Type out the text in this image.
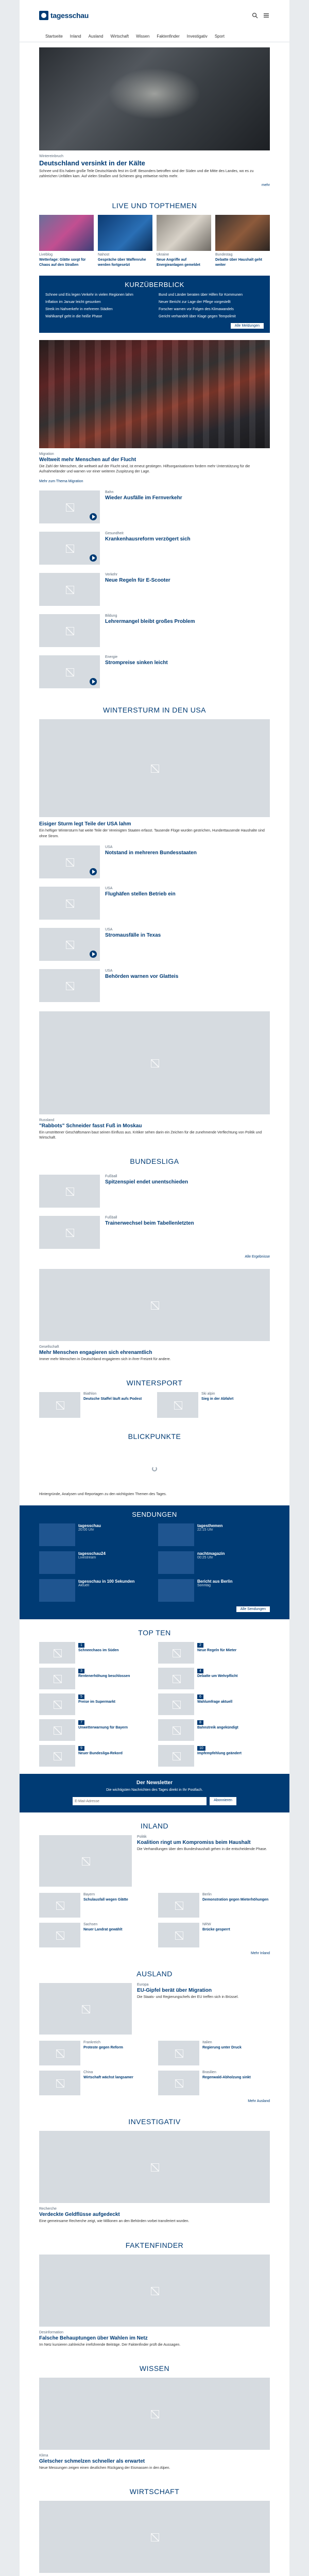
tagesschau
Startseite Inland Ausland Wirtschaft Wissen Faktenfinder Investigativ Sport
Wintereinbruch
Deutschland versinkt in der Kälte
Schnee und Eis haben große Teile Deutschlands fest im Griff. Besonders betroffen sind der Süden und die Mitte des Landes, wo es zu zahlreichen Unfällen kam. Auf vielen Straßen und Schienen ging zeitweise nichts mehr.
mehr
LIVE UND TOPTHEMEN
Liveblog
Wetterlage: Glätte sorgt für Chaos auf den Straßen
Nahost
Gespräche über Waffenruhe werden fortgesetzt
Ukraine
Neue Angriffe auf Energieanlagen gemeldet
Bundestag
Debatte über Haushalt geht weiter
KURZÜBERBLICK
Schnee und Eis legen Verkehr in vielen Regionen lahm	Bund und Länder beraten über Hilfen für Kommunen
Inflation im Januar leicht gesunken	Neuer Bericht zur Lage der Pflege vorgestellt
Streik im Nahverkehr in mehreren Städten	Forscher warnen vor Folgen des Klimawandels
Wahlkampf geht in die heiße Phase	Gericht verhandelt über Klage gegen Tempolimit
Alle Meldungen
Migration
Weltweit mehr Menschen auf der Flucht
Die Zahl der Menschen, die weltweit auf der Flucht sind, ist erneut gestiegen. Hilfsorganisationen fordern mehr Unterstützung für die Aufnahmeländer und warnen vor einer weiteren Zuspitzung der Lage.
Mehr zum Thema Migration
Bahn
Wieder Ausfälle im Fernverkehr
Gesundheit
Krankenhausreform verzögert sich
Verkehr
Neue Regeln für E-Scooter
Bildung
Lehrermangel bleibt großes Problem
Energie
Strompreise sinken leicht
WINTERSTURM IN DEN USA
Eisiger Sturm legt Teile der USA lahm
Ein heftiger Wintersturm hat weite Teile der Vereinigten Staaten erfasst. Tausende Flüge wurden gestrichen, Hunderttausende Haushalte sind ohne Strom.
USA
Notstand in mehreren Bundesstaaten
USA
Flughäfen stellen Betrieb ein
USA
Stromausfälle in Texas
USA
Behörden warnen vor Glatteis
Russland
"Rabbots" Schneider fasst Fuß in Moskau
Ein umstrittener Geschäftsmann baut seinen Einfluss aus. Kritiker sehen darin ein Zeichen für die zunehmende Verflechtung von Politik und Wirtschaft.
BUNDESLIGA
Fußball
Spitzenspiel endet unentschieden
Fußball
Trainerwechsel beim Tabellenletzten
Alle Ergebnisse
Gesellschaft
Mehr Menschen engagieren sich ehrenamtlich
Immer mehr Menschen in Deutschland engagieren sich in ihrer Freizeit für andere.
WINTERSPORT
Biathlon
Deutsche Staffel läuft aufs Podest
Ski alpin
Sieg in der Abfahrt
BLICKPUNKTE
Hintergründe, Analysen und Reportagen zu den wichtigsten Themen des Tages.
SENDUNGEN
tagesschau
20:00 Uhr
tagesthemen
22:15 Uhr
tagesschau24
Livestream
nachtmagazin
00:25 Uhr
tagesschau in 100 Sekunden
Aktuell
Bericht aus Berlin
Sonntag
Alle Sendungen
TOP TEN
1
Schneechaos im Süden
2
Neue Regeln für Mieter
3
Rentenerhöhung beschlossen
4
Debatte um Wehrpflicht
5
Preise im Supermarkt
6
Wahlumfrage aktuell
7
Unwetterwarnung für Bayern
8
Bahnstreik angekündigt
9
Neuer Bundesliga-Rekord
10
Impfempfehlung geändert
Der Newsletter
Die wichtigsten Nachrichten des Tages direkt in Ihr Postfach.
E-Mail-Adresse
Abonnieren
INLAND
Politik
Koalition ringt um Kompromiss beim Haushalt
Die Verhandlungen über den Bundeshaushalt gehen in die entscheidende Phase.
Bayern
Schulausfall wegen Glätte
Berlin
Demonstration gegen Mieterhöhungen
Sachsen
Neuer Landrat gewählt
NRW
Brücke gesperrt
Mehr Inland
AUSLAND
Europa
EU-Gipfel berät über Migration
Die Staats- und Regierungschefs der EU treffen sich in Brüssel.
Frankreich
Proteste gegen Reform
Italien
Regierung unter Druck
China
Wirtschaft wächst langsamer
Brasilien
Regenwald-Abholzung sinkt
Mehr Ausland
INVESTIGATIV
Recherche
Verdeckte Geldflüsse aufgedeckt
Eine gemeinsame Recherche zeigt, wie Millionen an den Behörden vorbei transferiert wurden.
FAKTENFINDER
Desinformation
Falsche Behauptungen über Wahlen im Netz
Im Netz kursieren zahlreiche irreführende Beiträge. Der Faktenfinder prüft die Aussagen.
WISSEN
Klima
Gletscher schmelzen schneller als erwartet
Neue Messungen zeigen einen deutlichen Rückgang der Eismassen in den Alpen.
WIRTSCHAFT
